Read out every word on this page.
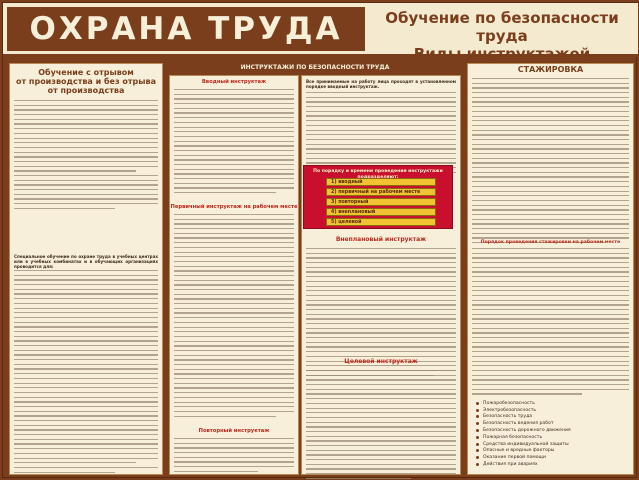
ОХРАНА ТРУДА	Обучение по безопасности труда
Виды инструктажей
Обучение с отрывом
от производства и без отрыва
от производства
Специальное обучение по охране труда в учебных центрах или в учебных комбинатах и в обучающих организациях проводится для:
ИНСТРУКТАЖИ ПО БЕЗОПАСНОСТИ ТРУДА
Вводный инструктаж
Первичный инструктаж на рабочем месте
Повторный инструктаж
Все принимаемые на работу лица проходят в установленном порядке вводный инструктаж.
Внеплановый инструктаж
Целевой инструктаж
По порядку и времени проведения инструктажи
1) вводный
2) первичный на рабочем месте
3) повторный
4) внеплановый
5) целевой
СТАЖИРОВКА
Порядок проведения стажировки на рабочем месте
Пожаробезопасность
Электробезопасность
Безопасность труда
Безопасность ведения работ
Безопасность дорожного движения
Пожарная безопасность
Средства индивидуальной защиты
Опасные и вредные факторы
Оказание первой помощи
Действия при авариях
